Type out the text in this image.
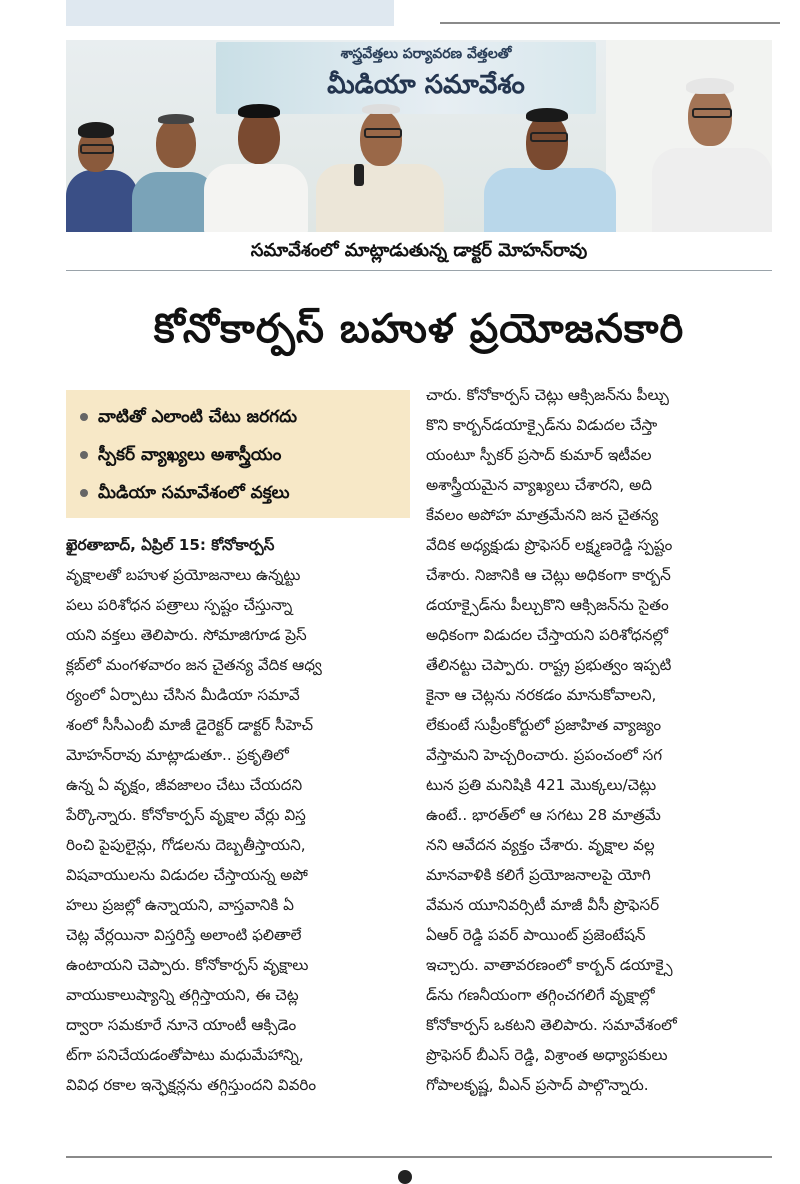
శాస్త్రవేత్తలు పర్యావరణ వేత్తలతో
మీడియా సమావేశం
సమావేశంలో మాట్లాడుతున్న డాక్టర్ మోహన్‌రావు
కోనోకార్పస్ బహుళ ప్రయోజనకారి
వాటితో ఎలాంటి చేటు జరగదు
స్పీకర్ వ్యాఖ్యలు అశాస్త్రీయం
మీడియా సమావేశంలో వక్తలు

ఖైరతాబాద్, ఏప్రిల్ 15: కోనోకార్పస్

వృక్షాలతో బహుళ ప్రయోజనాలు ఉన్నట్టు

పలు పరిశోధన పత్రాలు స్పష్టం చేస్తున్నా

యని వక్తలు తెలిపారు. సోమాజిగూడ ప్రెస్

క్లబ్‌లో మంగళవారం జన చైతన్య వేదిక ఆధ్వ

ర్యంలో ఏర్పాటు చేసిన మీడియా సమావే

శంలో సీసీఎంబీ మాజీ డైరెక్టర్ డాక్టర్ సీహెచ్

మోహన్‌రావు మాట్లాడుతూ.. ప్రకృతిలో

ఉన్న ఏ వృక్షం, జీవజాలం చేటు చేయదని

పేర్కొన్నారు. కోనోకార్పస్ వృక్షాల వేర్లు విస్త

రించి పైపులైన్లు, గోడలను దెబ్బతీస్తాయని,

విషవాయులను విడుదల చేస్తాయన్న అపో

హలు ప్రజల్లో ఉన్నాయని, వాస్తవానికి ఏ

చెట్ల వేర్లయినా విస్తరిస్తే అలాంటి ఫలితాలే

ఉంటాయని చెప్పారు. కోనోకార్పస్ వృక్షాలు

వాయుకాలుష్యాన్ని తగ్గిస్తాయని, ఈ చెట్ల

ద్వారా సమకూరే నూనె యాంటీ ఆక్సిడెం

ట్‌గా పనిచేయడంతోపాటు మధుమేహాన్ని,

వివిధ రకాల ఇన్ఫెక్షన్లను తగ్గిస్తుందని వివరిం

చారు. కోనోకార్పస్ చెట్లు ఆక్సిజన్‌ను పీల్చు

కొని కార్బన్‌డయాక్సైడ్‌ను విడుదల చేస్తా

యంటూ స్పీకర్ ప్రసాద్ కుమార్ ఇటీవల

అశాస్త్రీయమైన వ్యాఖ్యలు చేశారని, అది

కేవలం అపోహ మాత్రమేనని జన చైతన్య

వేదిక అధ్యక్షుడు ప్రొఫెసర్ లక్ష్మణరెడ్డి స్పష్టం

చేశారు. నిజానికి ఆ చెట్లు అధికంగా కార్బన్

డయాక్సైడ్‌ను పీల్చుకొని ఆక్సిజన్‌ను సైతం

అధికంగా విడుదల చేస్తాయని పరిశోధనల్లో

తేలినట్టు చెప్పారు. రాష్ట్ర ప్రభుత్వం ఇప్పటి

కైనా ఆ చెట్లను నరకడం మానుకోవాలని,

లేకుంటే సుప్రీంకోర్టులో ప్రజాహిత వ్యాజ్యం

వేస్తామని హెచ్చరించారు. ప్రపంచంలో సగ

టున ప్రతి మనిషికి 421 మొక్కలు/చెట్లు

ఉంటే.. భారత్‌లో ఆ సగటు 28 మాత్రమే

నని ఆవేదన వ్యక్తం చేశారు. వృక్షాల వల్ల

మానవాళికి కలిగే ప్రయోజనాలపై యోగి

వేమన యూనివర్సిటీ మాజీ వీసీ ప్రొఫెసర్

ఏఆర్ రెడ్డి పవర్ పాయింట్ ప్రజెంటేషన్

ఇచ్చారు. వాతావరణంలో కార్బన్ డయాక్సై

డ్‌ను గణనీయంగా తగ్గించగలిగే వృక్షాల్లో

కోనోకార్పస్ ఒకటని తెలిపారు. సమావేశంలో

ప్రొఫెసర్ బీఎస్ రెడ్డి, విశ్రాంత అధ్యాపకులు

గోపాలకృష్ణ, వీఎన్ ప్రసాద్ పాల్గొన్నారు.
